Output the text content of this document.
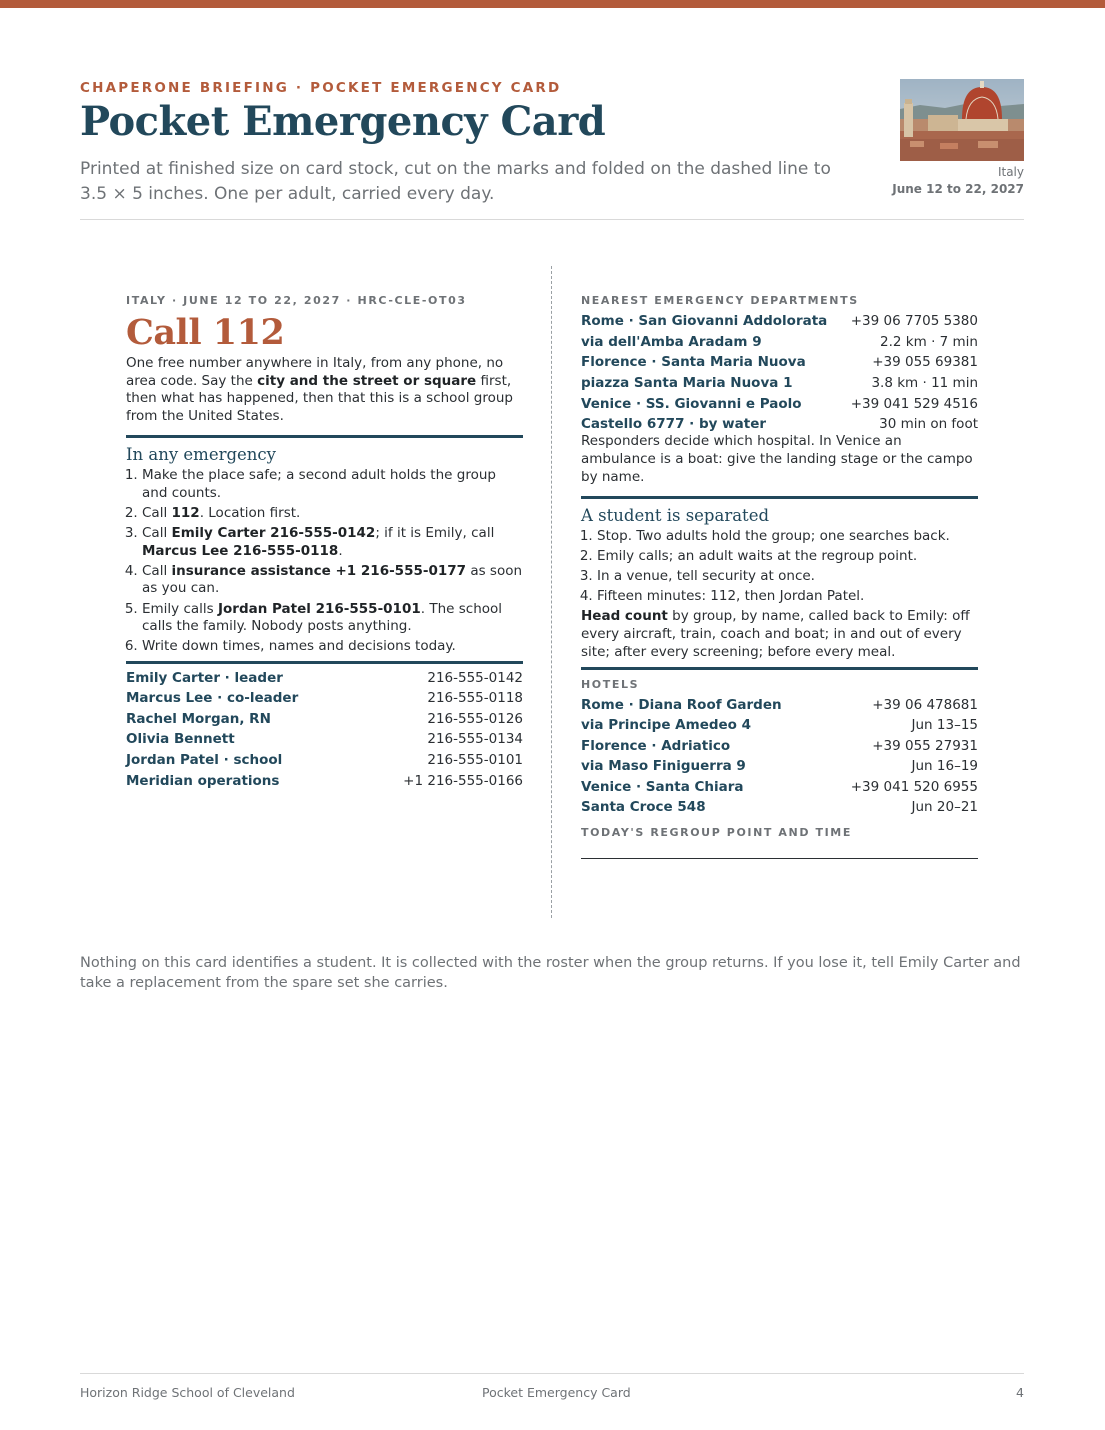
CHAPERONE BRIEFING · POCKET EMERGENCY CARD
Pocket Emergency Card
Printed at finished size on card stock, cut on the marks and folded on the dashed line to 3.5 × 5 inches. One per adult, carried every day.
Italy
June 12 to 22, 2027
ITALY · JUNE 12 TO 22, 2027 · HRC-CLE-OT03
Call 112
One free number anywhere in Italy, from any phone, no area code. Say the city and the street or square first, then what has happened, then that this is a school group from the United States.
In any emergency
1. Make the place safe; a second adult holds the group and counts.
2. Call 112. Location first.
3. Call Emily Carter 216-555-0142; if it is Emily, call Marcus Lee 216-555-0118.
4. Call insurance assistance +1 216-555-0177 as soon as you can.
5. Emily calls Jordan Patel 216-555-0101. The school calls the family. Nobody posts anything.
6. Write down times, names and decisions today.
Emily Carter · leader	216-555-0142
Marcus Lee · co-leader	216-555-0118
Rachel Morgan, RN	216-555-0126
Olivia Bennett	216-555-0134
Jordan Patel · school	216-555-0101
Meridian operations	+1 216-555-0166
NEAREST EMERGENCY DEPARTMENTS
Rome · San Giovanni Addolorata +39 06 7705 5380
via dell'Amba Aradam 9	2.2 km · 7 min
Florence · Santa Maria Nuova	+39 055 69381
piazza Santa Maria Nuova 1	3.8 km · 11 min
Venice · SS. Giovanni e Paolo	+39 041 529 4516
Castello 6777 · by water	30 min on foot
Responders decide which hospital. In Venice an ambulance is a boat: give the landing stage or the campo by name.
A student is separated
1. Stop. Two adults hold the group; one searches back.
2. Emily calls; an adult waits at the regroup point.
3. In a venue, tell security at once.
4. Fifteen minutes: 112, then Jordan Patel.
Head count by group, by name, called back to Emily: off every aircraft, train, coach and boat; in and out of every site; after every screening; before every meal.
HOTELS
Rome · Diana Roof Garden	+39 06 478681
via Principe Amedeo 4	Jun 13–15
Florence · Adriatico	+39 055 27931
via Maso Finiguerra 9	Jun 16–19
Venice · Santa Chiara	+39 041 520 6955
Santa Croce 548	Jun 20–21
TODAY'S REGROUP POINT AND TIME
Nothing on this card identifies a student. It is collected with the roster when the group returns. If you lose it, tell Emily Carter and take a replacement from the spare set she carries.
Horizon Ridge School of Cleveland	Pocket Emergency Card	4
